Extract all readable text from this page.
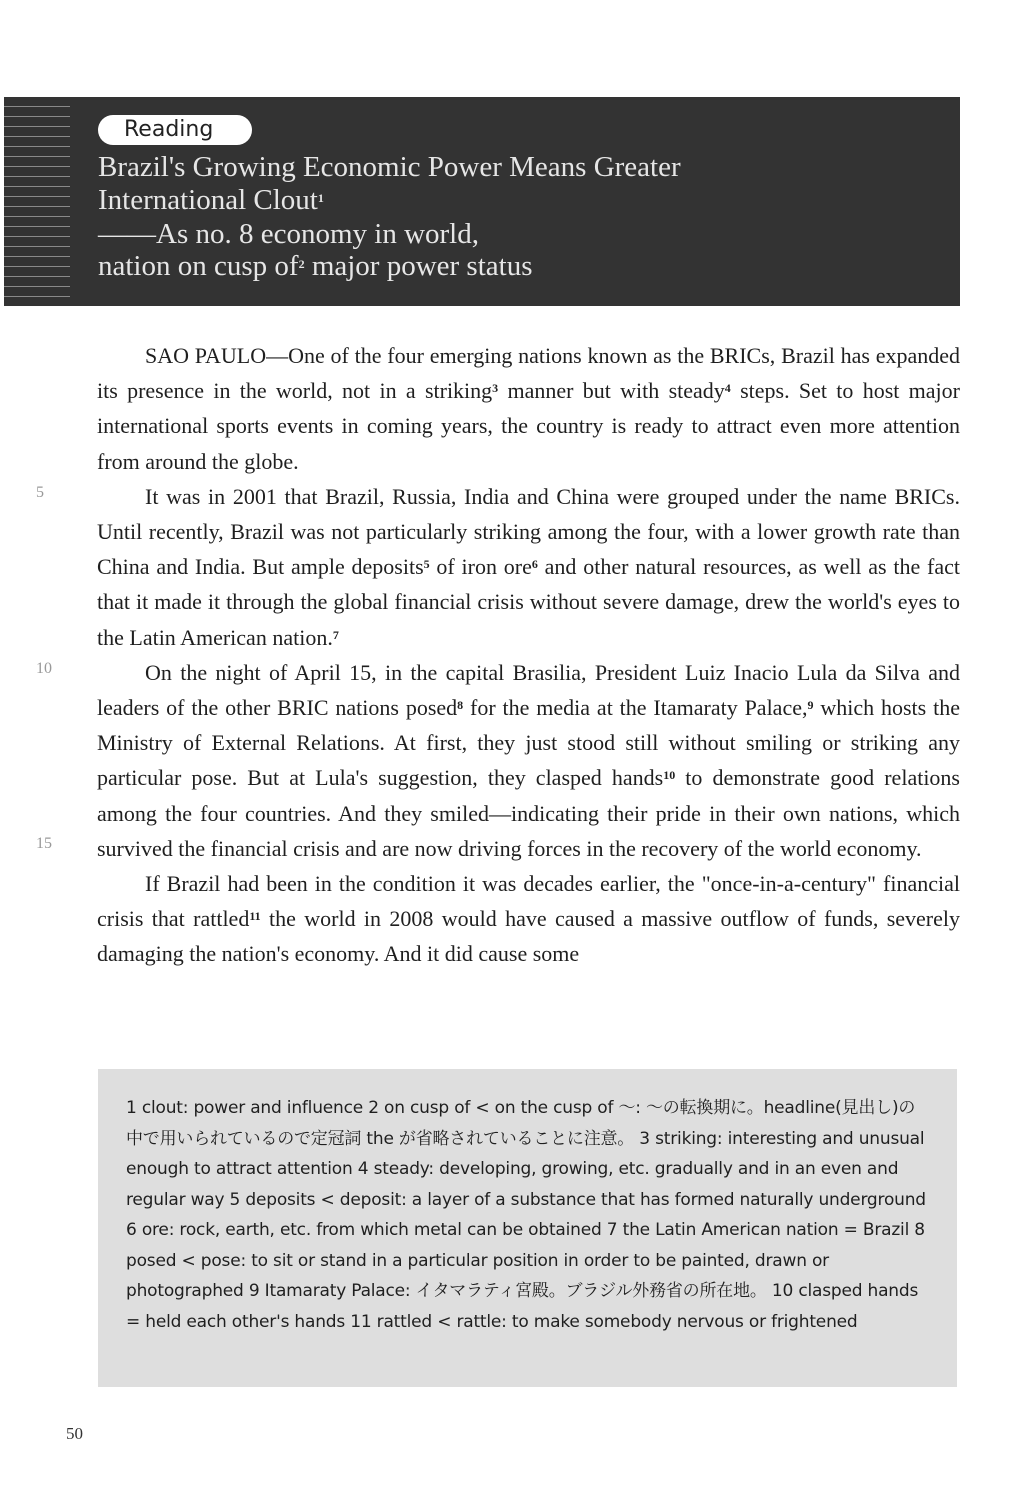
Reading
Brazil's Growing Economic Power Means Greater
International Clout$^1$
——As no. 8 economy in world,
nation on cusp $of^2$ major power status
5
10
15

SAO PAULO—One of the four emerging nations known as the BRICs, Brazil has expanded its presence in the world, not in a striking$^3$ manner but with steady$^4$ steps. Set to host major international sports events in coming years, the country is ready to attract even more attention from around the globe.

It was in 2001 that Brazil, Russia, India and China were grouped under the name BRICs. Until recently, Brazil was not particularly striking among the four, with a lower growth rate than China and India. But ample deposits$^5$ of iron ore$^6$ and other natural resources, as well as the fact that it made it through the global financial crisis without severe damage, drew the world's eyes to the Latin American nation.$^7$

On the night of April 15, in the capital Brasilia, President Luiz Inacio Lula da Silva and leaders of the other BRIC nations posed$^8$ for the media at the Itamaraty Palace,$^9$ which hosts the Ministry of External Relations. At first, they just stood still without smiling or striking any particular pose. But at Lula's suggestion, they clasped hands$^{10}$ to demonstrate good relations among the four countries. And they smiled—indicating their pride in their own nations, which survived the financial crisis and are now driving forces in the recovery of the world economy.

If Brazil had been in the condition it was decades earlier, the "once-in-a-century" financial crisis that rattled$^{11}$ the world in 2008 would have caused a massive outflow of funds, severely damaging the nation's economy. And it did cause some

1 clout: power and influence 2 on cusp of < on the cusp of ～: ～の転換期に。headline(見出し)の中で用いられているので定冠詞 the が省略されていることに注意。 3 striking: interesting and unusual enough to attract attention 4 steady: developing, growing, etc. gradually and in an even and regular way 5 deposits < deposit: a layer of a substance that has formed naturally underground 6 ore: rock, earth, etc. from which metal can be obtained 7 the Latin American nation = Brazil 8 posed < pose: to sit or stand in a particular position in order to be painted, drawn or photographed 9 Itamaraty Palace: イタマラティ宮殿。ブラジル外務省の所在地。 10 clasped hands = held each other's hands 11 rattled < rattle: to make somebody nervous or frightened
50
